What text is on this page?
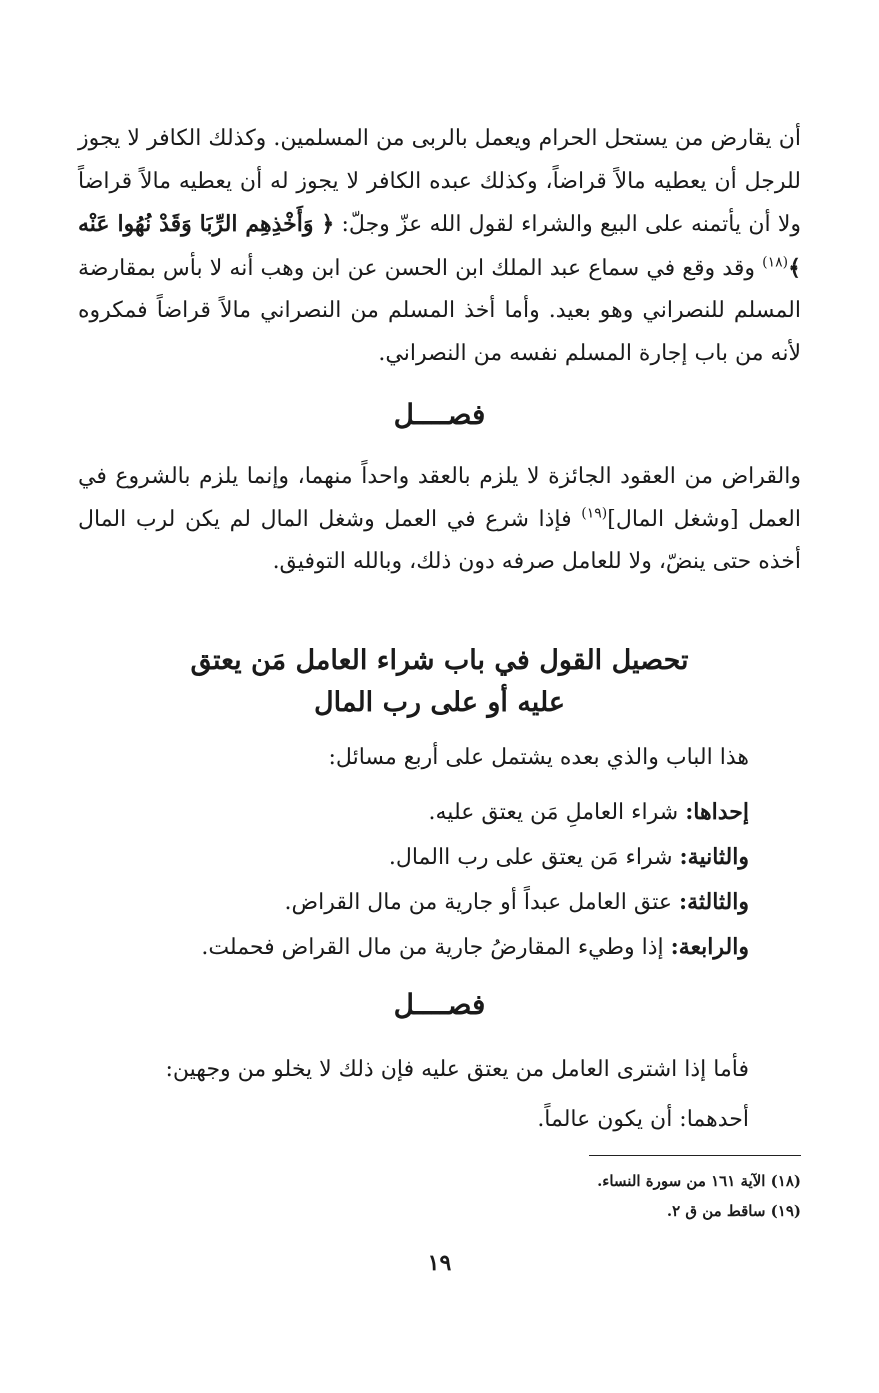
أن يقارض من يستحل الحرام ويعمل بالربى من المسلمين. وكذلك الكافر لا يجوز للرجل أن يعطيه مالاً قراضاً، وكذلك عبده الكافر لا يجوز له أن يعطيه مالاً قراضاً ولا أن يأتمنه على البيع والشراء لقول الله عزّ وجلّ: ﴿ وَأَخْذِهِم الرِّبَا وَقَدْ نُهُوا عَنْه ﴾$^{(١٨)}$ وقد وقع في سماع عبد الملك ابن الحسن عن ابن وهب أنه لا بأس بمقارضة المسلم للنصراني وهو بعيد. وأما أخذ المسلم من النصراني مالاً قراضاً فمكروه لأنه من باب إجارة المسلم نفسه من النصراني.

فصــــل

والقراض من العقود الجائزة لا يلزم بالعقد واحداً منهما، وإنما يلزم بالشروع في العمل [وشغل المال]$^{(١٩)}$ فإذا شرع في العمل وشغل المال لم يكن لرب المال أخذه حتى ينضّ، ولا للعامل صرفه دون ذلك، وبالله التوفيق.

تحصيل القول في باب شراء العامل مَن يعتق
عليه أو على رب المال

هذا الباب والذي بعده يشتمل على أربع مسائل:

إحداها: شراء العاملِ مَن يعتق عليه.
والثانية: شراء مَن يعتق على رب االمال.
والثالثة: عتق العامل عبداً أو جارية من مال القراض.
والرابعة: إذا وطيء المقارضُ جارية من مال القراض فحملت.
فصــــل

فأما إذا اشترى العامل من يعتق عليه فإن ذلك لا يخلو من وجهين:

أحدهما: أن يكون عالماً.

(١٨) الآية ١٦١ من سورة النساء.
(١٩) ساقط من ق ٢.

١٩
